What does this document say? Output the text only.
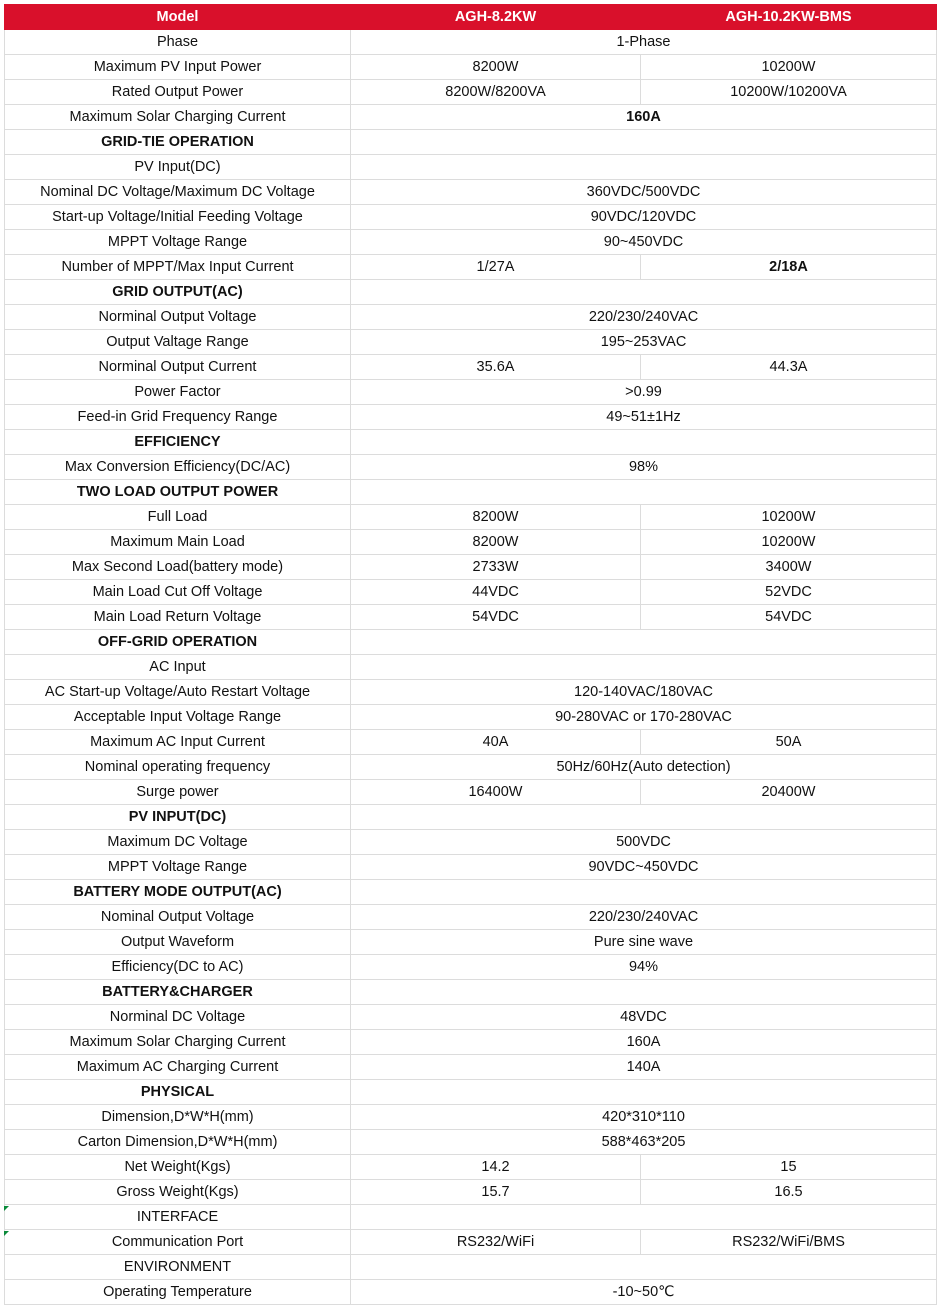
Model	AGH-8.2KW	AGH-10.2KW-BMS
Phase	1-Phase	
Maximum PV Input Power	8200W	10200W
Rated Output Power	8200W/8200VA	10200W/10200VA
Maximum Solar Charging Current	160A	
GRID-TIE OPERATION		
PV Input(DC)		
Nominal DC Voltage/Maximum DC Voltage	360VDC/500VDC	
Start-up Voltage/Initial Feeding Voltage	90VDC/120VDC	
MPPT Voltage Range	90~450VDC	
Number of MPPT/Max Input Current	1/27A	2/18A
GRID OUTPUT(AC)		
Norminal Output Voltage	220/230/240VAC	
Output Valtage Range	195~253VAC	
Norminal Output Current	35.6A	44.3A
Power Factor	>0.99	
Feed-in Grid Frequency Range	49~51±1Hz	
EFFICIENCY		
Max Conversion Efficiency(DC/AC)	98%	
TWO LOAD OUTPUT POWER		
Full Load	8200W	10200W
Maximum Main Load	8200W	10200W
Max Second Load(battery mode)	2733W	3400W
Main Load Cut Off Voltage	44VDC	52VDC
Main Load Return Voltage	54VDC	54VDC
OFF-GRID OPERATION		
AC Input		
AC Start-up Voltage/Auto Restart Voltage	120-140VAC/180VAC	
Acceptable Input Voltage Range	90-280VAC or 170-280VAC	
Maximum AC Input Current	40A	50A
Nominal operating frequency	50Hz/60Hz(Auto detection)	
Surge power	16400W	20400W
PV INPUT(DC)		
Maximum DC Voltage	500VDC	
MPPT Voltage Range	90VDC~450VDC	
BATTERY MODE OUTPUT(AC)		
Nominal Output Voltage	220/230/240VAC	
Output Waveform	Pure sine wave	
Efficiency(DC to AC)	94%	
BATTERY&CHARGER		
Norminal DC Voltage	48VDC	
Maximum Solar Charging Current	160A	
Maximum AC Charging Current	140A	
PHYSICAL		
Dimension,D*W*H(mm)	420*310*110	
Carton Dimension,D*W*H(mm)	588*463*205	
Net Weight(Kgs)	14.2	15
Gross Weight(Kgs)	15.7	16.5
INTERFACE		
Communication Port	RS232/WiFi	RS232/WiFi/BMS
ENVIRONMENT		
Operating Temperature	-10~50℃	
